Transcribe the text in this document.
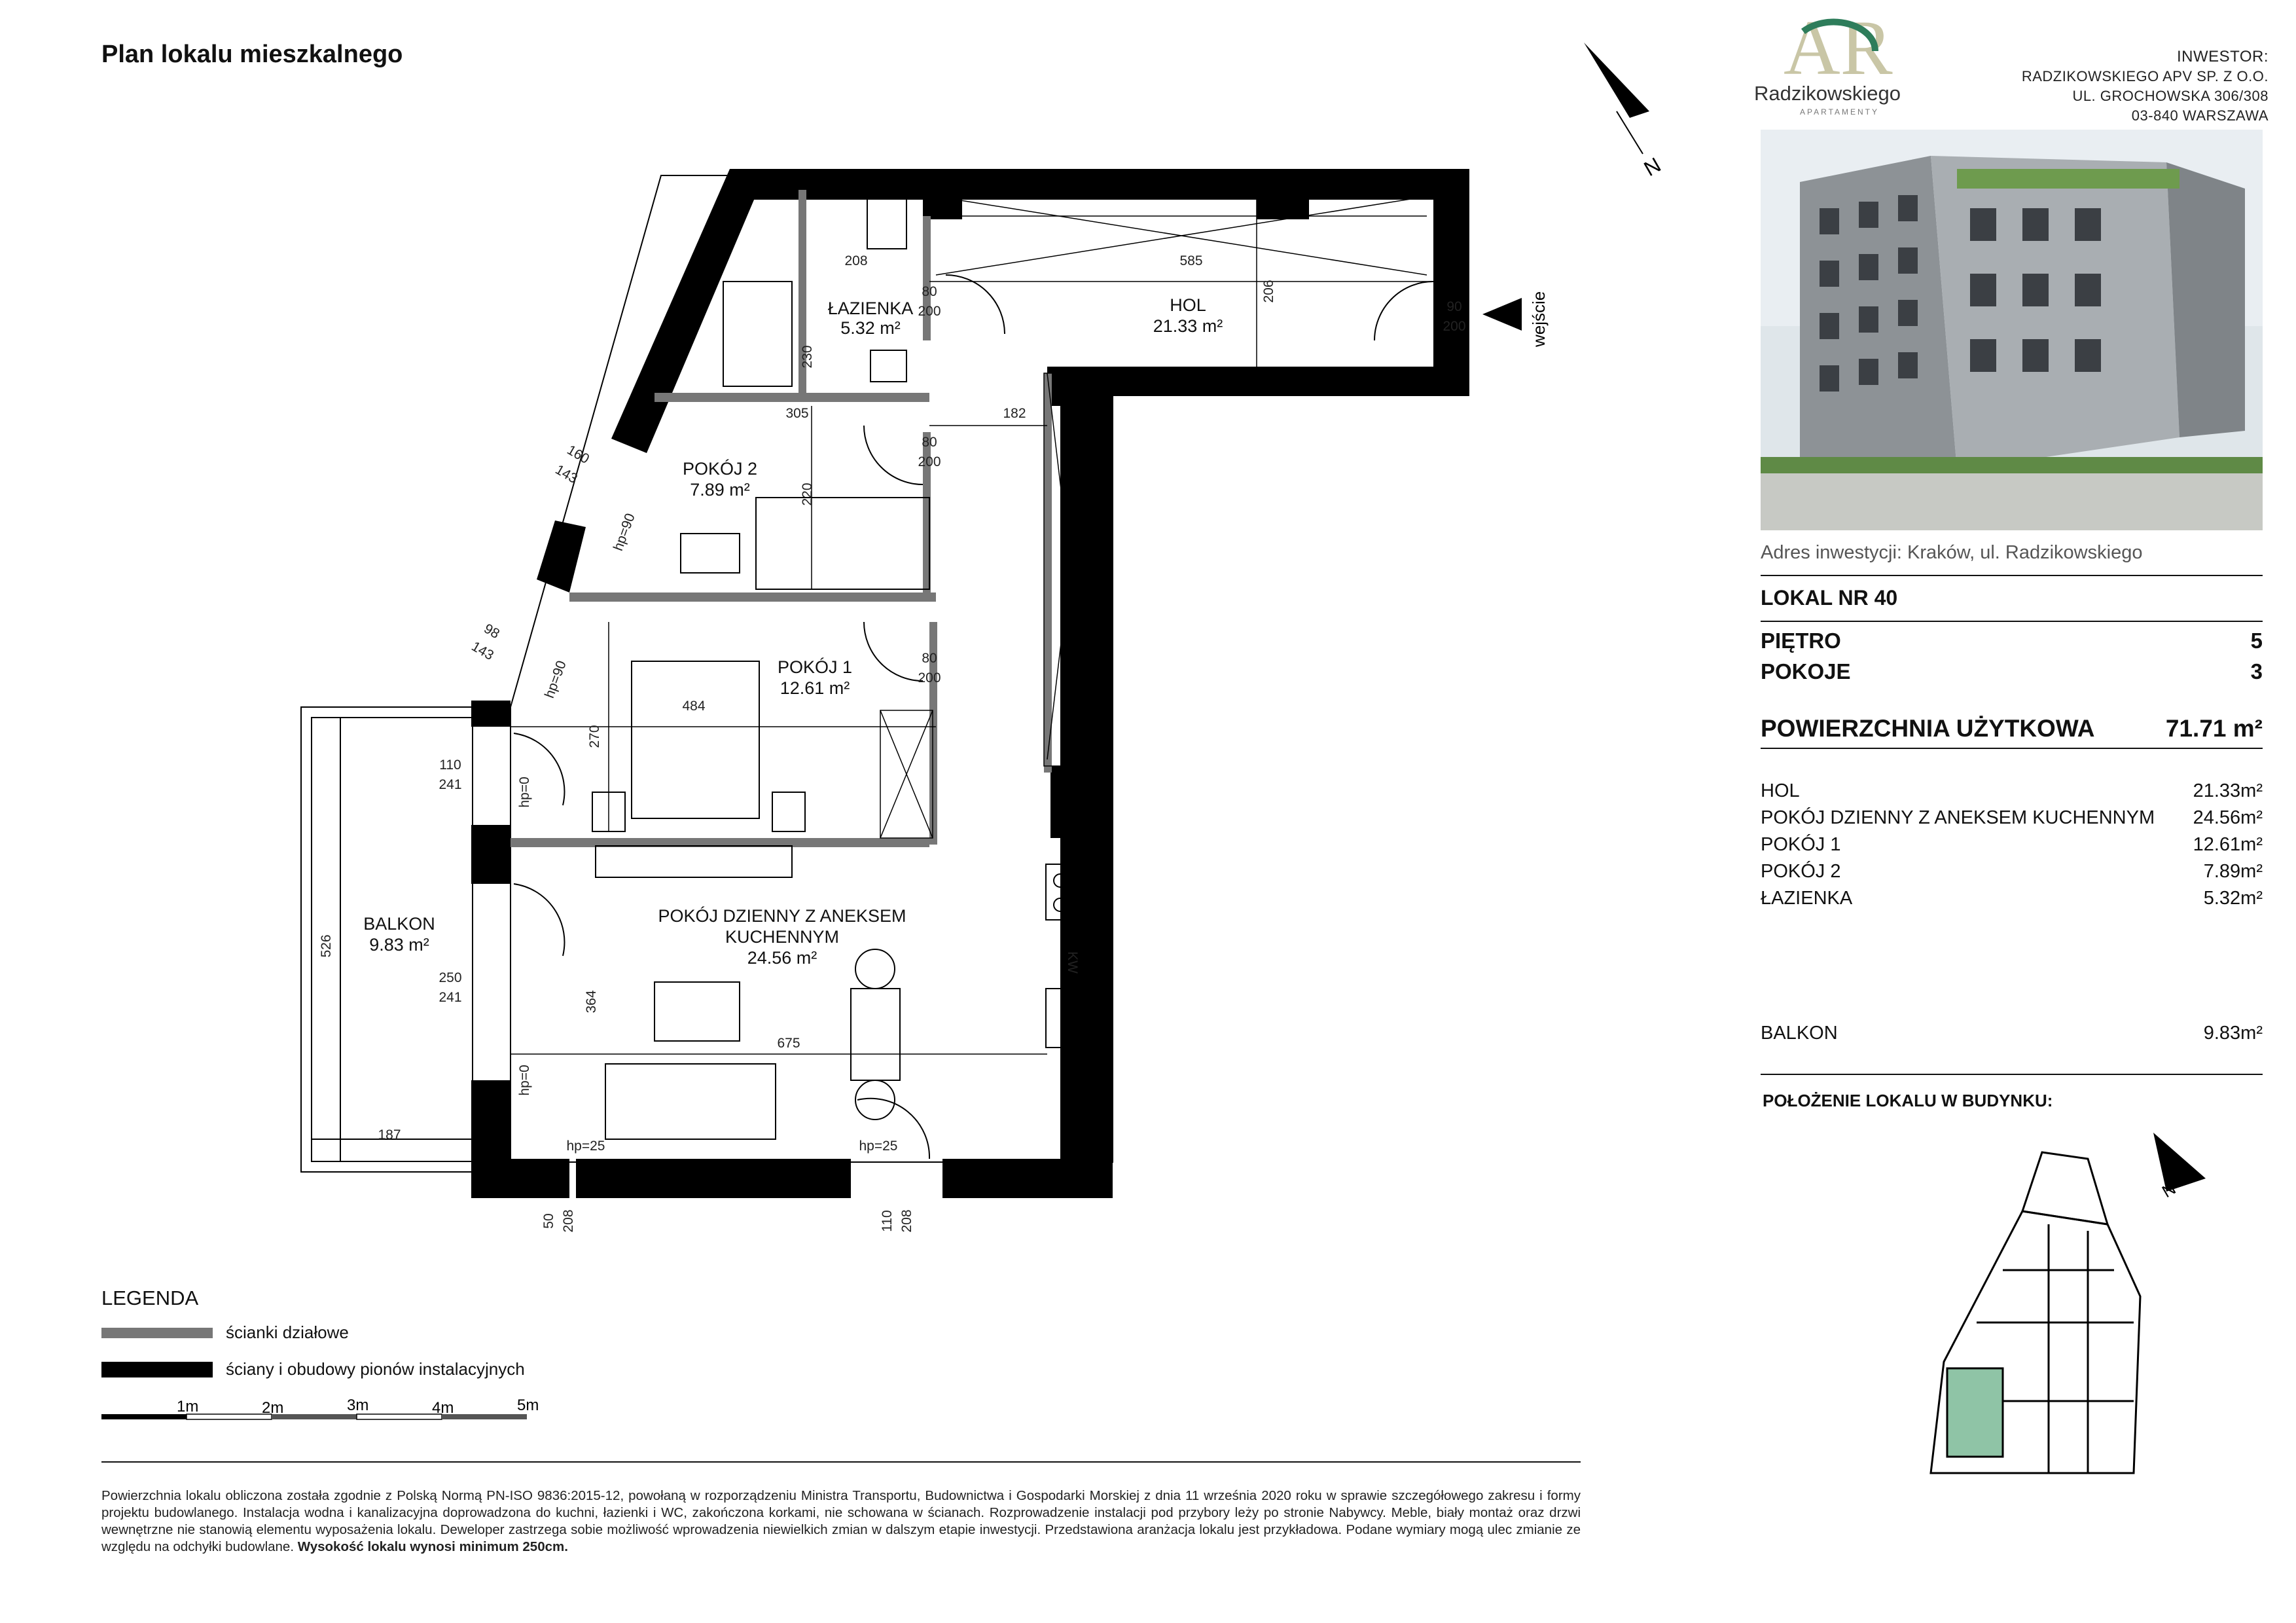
Plan lokalu mieszkalnego
N
wejście
ŁAZIENKA
5.32 m²
HOL
21.33 m²
POKÓJ 2
7.89 m²
POKÓJ 1
12.61 m²
POKÓJ DZIENNY Z ANEKSEM
KUCHENNYM
24.56 m²
BALKON
9.83 m²
208
80
200
585
206
90
200
230
305	182
80
200
220
160
143
hp=90
98
143
hp=90
484
80
200
270
110
241	hp=0
526
250
241	364
675
hp=0
187
hp=25	hp=25
50 208	110 208
KW
AR
Radzikowskiego
APARTAMENTY
INWESTOR:
RADZIKOWSKIEGO APV SP. Z O.O.
UL. GROCHOWSKA 306/308
03-840 WARSZAWA
Adres inwestycji: Kraków, ul. Radzikowskiego
LOKAL NR 40
PIĘTRO	5
POKOJE	3
POWIERZCHNIA UŻYTKOWA	71.71 m²
HOL	21.33m²
POKÓJ DZIENNY Z ANEKSEM KUCHENNYM 24.56m²
POKÓJ 1	12.61m²
POKÓJ 2	7.89m²
ŁAZIENKA	5.32m²
BALKON	9.83m²
POŁOŻENIE LOKALU W BUDYNKU:
N
LEGENDA
ścianki działowe
ściany i obudowy pionów instalacyjnych
1m	2m	3m	4m	5m
Powierzchnia lokalu obliczona została zgodnie z Polską Normą PN-ISO 9836:2015-12, powołaną w rozporządzeniu Ministra Transportu, Budownictwa i Gospodarki Morskiej z dnia 11 września 2020 roku w sprawie szczegółowego zakresu i formy projektu budowlanego. Instalacja wodna i kanalizacyjna doprowadzona do kuchni, łazienki i WC, zakończona korkami, nie schowana w ścianach. Rozprowadzenie instalacji pod przybory leży po stronie Nabywcy. Meble, biały montaż oraz drzwi wewnętrzne nie stanowią elementu wyposażenia lokalu. Deweloper zastrzega sobie możliwość wprowadzenia niewielkich zmian w dalszym etapie inwestycji. Przedstawiona aranżacja lokalu jest przykładowa. Podane wymiary mogą ulec zmianie ze względu na odchyłki budowlane. Wysokość lokalu wynosi minimum 250cm.
